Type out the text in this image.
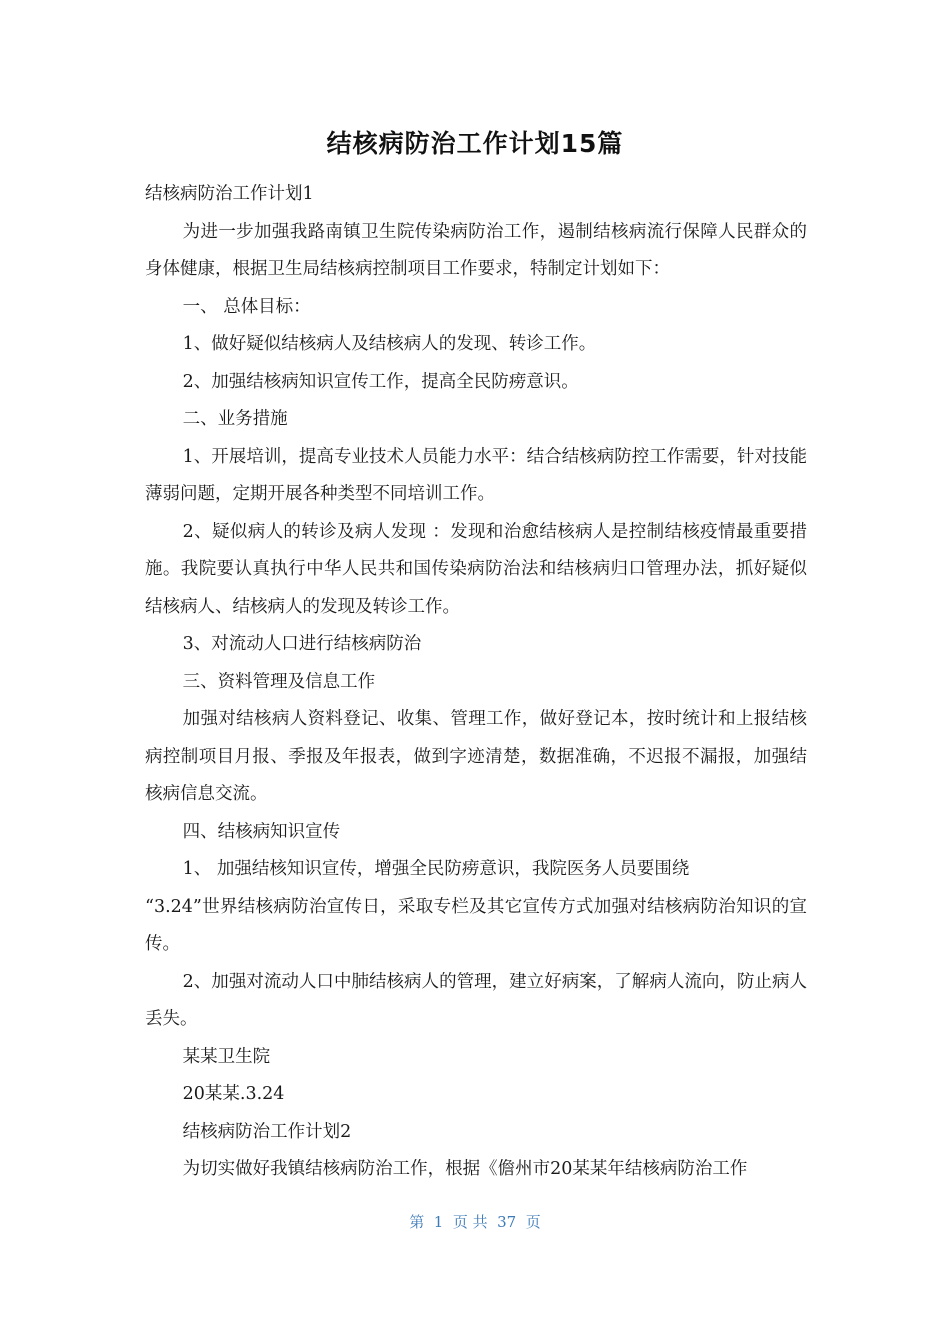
结核病防治工作计划15篇

结核病防治工作计划1

为进一步加强我路南镇卫生院传染病防治工作，遏制结核病流行保障人民群众的身体健康，根据卫生局结核病控制项目工作要求，特制定计划如下：

一、 总体目标：

1、做好疑似结核病人及结核病人的发现、转诊工作。

2、加强结核病知识宣传工作，提高全民防痨意识。

二、业务措施

1、开展培训，提高专业技术人员能力水平：结合结核病防控工作需要，针对技能薄弱问题，定期开展各种类型不同培训工作。

2、疑似病人的转诊及病人发现 ：发现和治愈结核病人是控制结核疫情最重要措施。我院要认真执行中华人民共和国传染病防治法和结核病归口管理办法，抓好疑似结核病人、结核病人的发现及转诊工作。

3、对流动人口进行结核病防治

三、资料管理及信息工作

加强对结核病人资料登记、收集、管理工作，做好登记本，按时统计和上报结核病控制项目月报、季报及年报表，做到字迹清楚，数据准确，不迟报不漏报，加强结核病信息交流。

四、结核病知识宣传

1、 加强结核知识宣传，增强全民防痨意识，我院医务人员要围绕

“3.24”世界结核病防治宣传日，采取专栏及其它宣传方式加强对结核病防治知识的宣传。

2、加强对流动人口中肺结核病人的管理，建立好病案，了解病人流向，防止病人丢失。

某某卫生院

20某某.3.24

结核病防治工作计划2

为切实做好我镇结核病防治工作，根据《儋州市20某某年结核病防治工作

第  1  页 共  37  页
